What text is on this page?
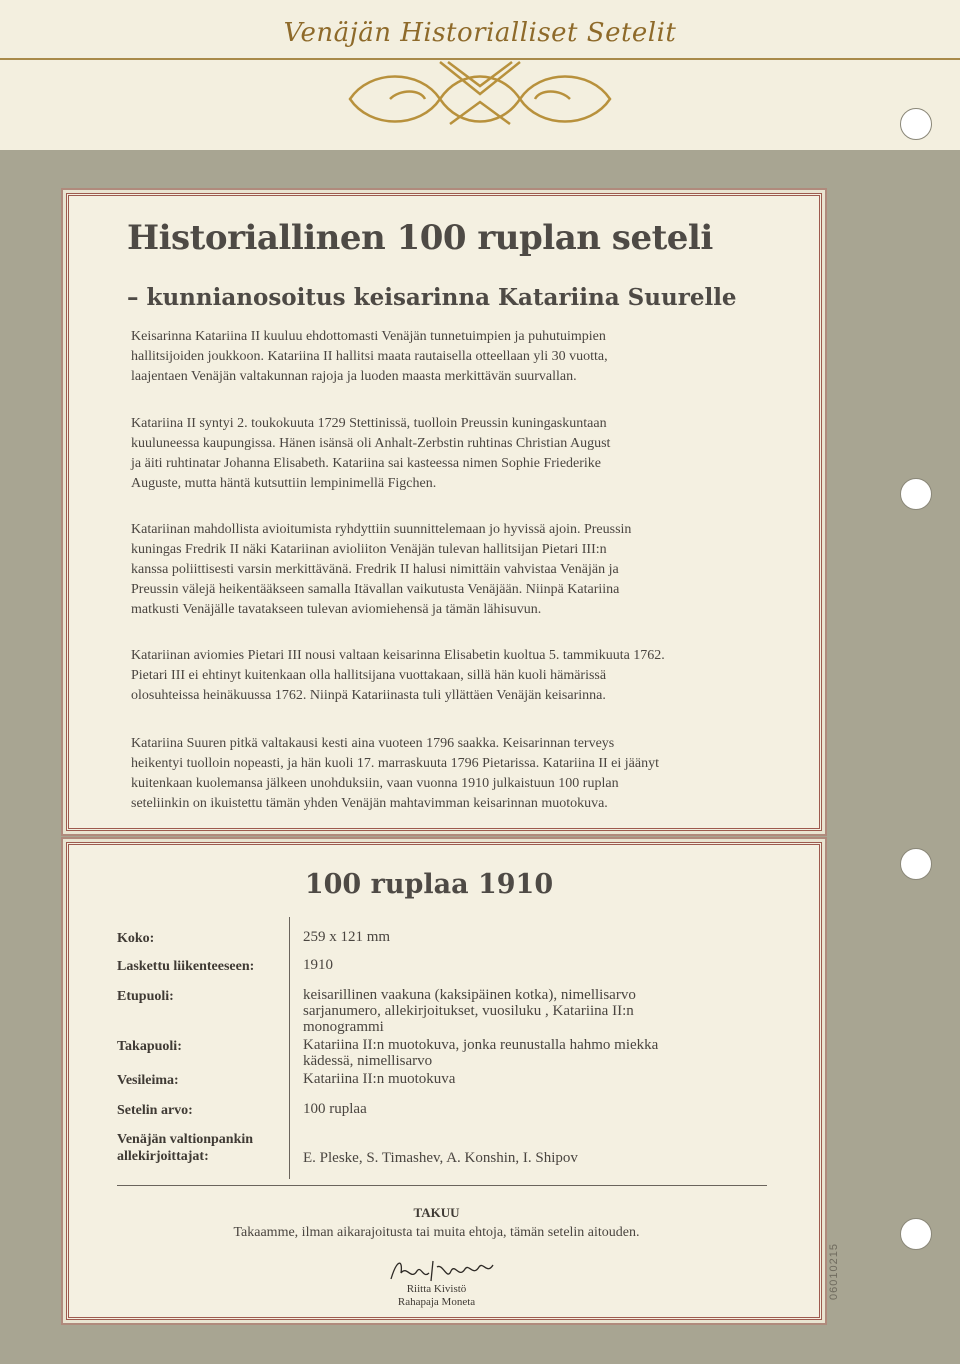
Venäjän Historialliset Setelit
Historiallinen 100 ruplan seteli
– kunnianosoitus keisarinna Katariina Suurelle
Keisarinna Katariina II kuuluu ehdottomasti Venäjän tunnetuimpien ja puhutuimpien
hallitsijoiden joukkoon. Katariina II hallitsi maata rautaisella otteellaan yli 30 vuotta,
laajentaen Venäjän valtakunnan rajoja ja luoden maasta merkittävän suurvallan.
Katariina II syntyi 2. toukokuuta 1729 Stettinissä, tuolloin Preussin kuningaskuntaan
kuuluneessa kaupungissa. Hänen isänsä oli Anhalt-Zerbstin ruhtinas Christian August
ja äiti ruhtinatar Johanna Elisabeth. Katariina sai kasteessa nimen Sophie Friederike
Auguste, mutta häntä kutsuttiin lempinimellä Figchen.
Katariinan mahdollista avioitumista ryhdyttiin suunnittelemaan jo hyvissä ajoin. Preussin
kuningas Fredrik II näki Katariinan avioliiton Venäjän tulevan hallitsijan Pietari III:n
kanssa poliittisesti varsin merkittävänä. Fredrik II halusi nimittäin vahvistaa Venäjän ja
Preussin välejä heikentääkseen samalla Itävallan vaikutusta Venäjään. Niinpä Katariina
matkusti Venäjälle tavatakseen tulevan aviomiehensä ja tämän lähisuvun.
Katariinan aviomies Pietari III nousi valtaan keisarinna Elisabetin kuoltua 5. tammikuuta 1762.
Pietari III ei ehtinyt kuitenkaan olla hallitsijana vuottakaan, sillä hän kuoli hämärissä
olosuhteissa heinäkuussa 1762. Niinpä Katariinasta tuli yllättäen Venäjän keisarinna.
Katariina Suuren pitkä valtakausi kesti aina vuoteen 1796 saakka. Keisarinnan terveys
heikentyi tuolloin nopeasti, ja hän kuoli 17. marraskuuta 1796 Pietarissa. Katariina II ei jäänyt
kuitenkaan kuolemansa jälkeen unohduksiin, vaan vuonna 1910 julkaistuun 100 ruplan
seteliinkin on ikuistettu tämän yhden Venäjän mahtavimman keisarinnan muotokuva.
100 ruplaa 1910
Koko:	259 x 121 mm
Laskettu liikenteeseen:	1910
Etupuoli:	keisarillinen vaakuna (kaksipäinen kotka), nimellisarvo
sarjanumero, allekirjoitukset, vuosiluku , Katariina II:n
monogrammi
Takapuoli:	Katariina II:n muotokuva, jonka reunustalla hahmo miekka
kädessä, nimellisarvo
Vesileima:	Katariina II:n muotokuva
Setelin arvo:	100 ruplaa
Venäjän valtionpankin
allekirjoittajat:	E. Pleske, S. Timashev, A. Konshin, I. Shipov
TAKUU
Takaamme, ilman aikarajoitusta tai muita ehtoja, tämän setelin aitouden.
Riitta Kivistö
Rahapaja Moneta
06010215
